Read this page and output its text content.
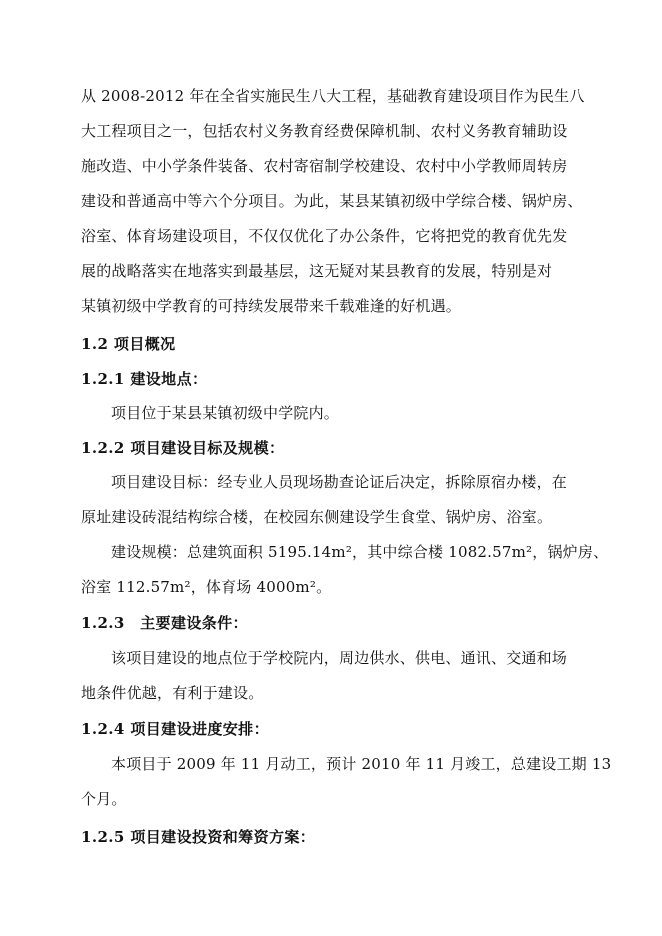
从 2008-2012 年在全省实施民生八大工程，基础教育建设项目作为民生八
大工程项目之一，包括农村义务教育经费保障机制、农村义务教育辅助设
施改造、中小学条件装备、农村寄宿制学校建设、农村中小学教师周转房
建设和普通高中等六个分项目。为此，某县某镇初级中学综合楼、锅炉房、
浴室、体育场建设项目，不仅仅优化了办公条件，它将把党的教育优先发
展的战略落实在地落实到最基层，这无疑对某县教育的发展，特别是对
某镇初级中学教育的可持续发展带来千载难逢的好机遇。
1.2 项目概况
1.2.1 建设地点：
项目位于某县某镇初级中学院内。
1.2.2 项目建设目标及规模：
项目建设目标：经专业人员现场勘查论证后决定，拆除原宿办楼，在
原址建设砖混结构综合楼，在校园东侧建设学生食堂、锅炉房、浴室。
建设规模：总建筑面积 5195.14m²，其中综合楼 1082.57m²，锅炉房、
浴室 112.57m²，体育场 4000m²。
1.2.3　主要建设条件：
该项目建设的地点位于学校院内，周边供水、供电、通讯、交通和场
地条件优越，有利于建设。
1.2.4 项目建设进度安排：
本项目于 2009 年 11 月动工，预计 2010 年 11 月竣工，总建设工期 13
个月。
1.2.5 项目建设投资和筹资方案：
